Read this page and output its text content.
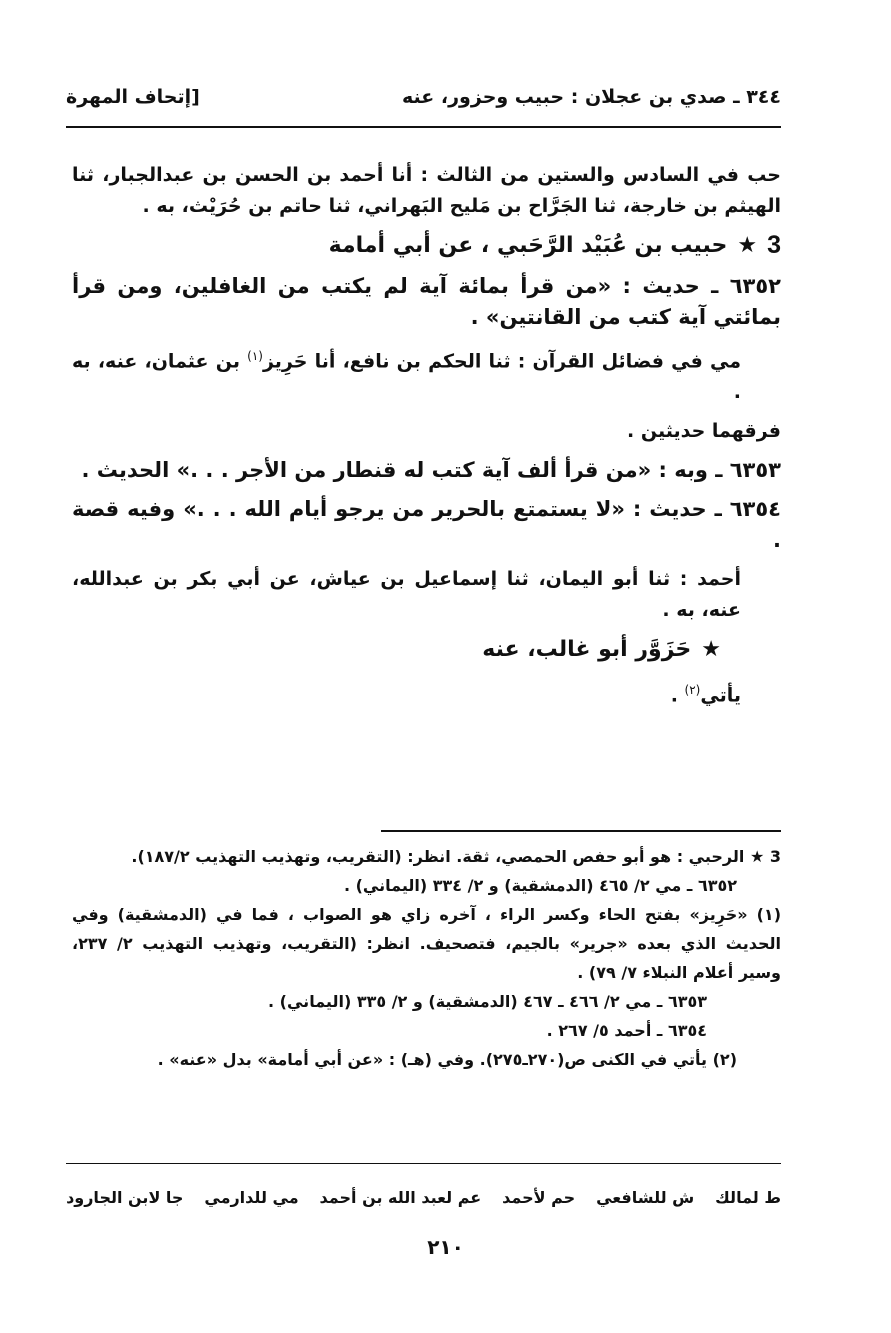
٣٤٤ ـ صدي بن عجلان : حبيب وحزور، عنه
[إتحاف المهرة

حب في السادس والستين من الثالث : أنا أحمد بن الحسن بن عبدالجبار، ثنا الهيثم بن خارجة، ثنا الجَرَّاح بن مَليح البَهراني، ثنا حاتم بن حُرَيْث، به .

3
★
حبيب بن عُبَيْد الرَّحَبي ، عن أبي أمامة

٦٣٥٢ ـ حديث : «من قرأ بمائة آية لم يكتب من الغافلين، ومن قرأ بمائتي آية كتب من القانتين» .

مي في فضائل القرآن : ثنا الحكم بن نافع، أنا حَرِيز$^{(١)}$ بن عثمان، عنه، به .

فرقهما حديثين .

٦٣٥٣ ـ وبه : «من قرأ ألف آية كتب له قنطار من الأجر . . .» الحديث .

٦٣٥٤ ـ حديث : «لا يستمتع بالحرير من يرجو أيام الله . . .» وفيه قصة .

أحمد : ثنا أبو اليمان، ثنا إسماعيل بن عياش، عن أبي بكر بن عبدالله، عنه، به .

★
حَزَوَّر أبو غالب، عنه

يأتي$^{(٢)}$ .

3 ★ الرحبي : هو أبو حفص الحمصي، ثقة. انظر: (التقريب، وتهذيب التهذيب ١٨٧/٢).

٦٣٥٢ ـ مي ٢/ ٤٦٥ (الدمشقية) و ٢/ ٣٣٤ (اليماني) .

(١) «حَرِيز» بفتح الحاء وكسر الراء ، آخره زاي هو الصواب ، فما في (الدمشقية) وفي الحديث الذي بعده «جرير» بالجيم، فتصحيف. انظر: (التقريب، وتهذيب التهذيب ٢/ ٢٣٧، وسير أعلام النبلاء ٧/ ٧٩) .

٦٣٥٣ ـ مي ٢/ ٤٦٦ ـ ٤٦٧ (الدمشقية) و ٢/ ٣٣٥ (اليماني) .

٦٣٥٤ ـ أحمد ٥/ ٢٦٧ .

(٢) يأتي في الكنى ص(٢٧٠ـ٢٧٥). وفي (هـ) : «عن أبي أمامة» بدل «عنه» .

ط لمالك
ش للشافعي
حم لأحمد
عم لعبد الله بن أحمد
مي للدارمي
جا لابن الجارود
٢١٠
